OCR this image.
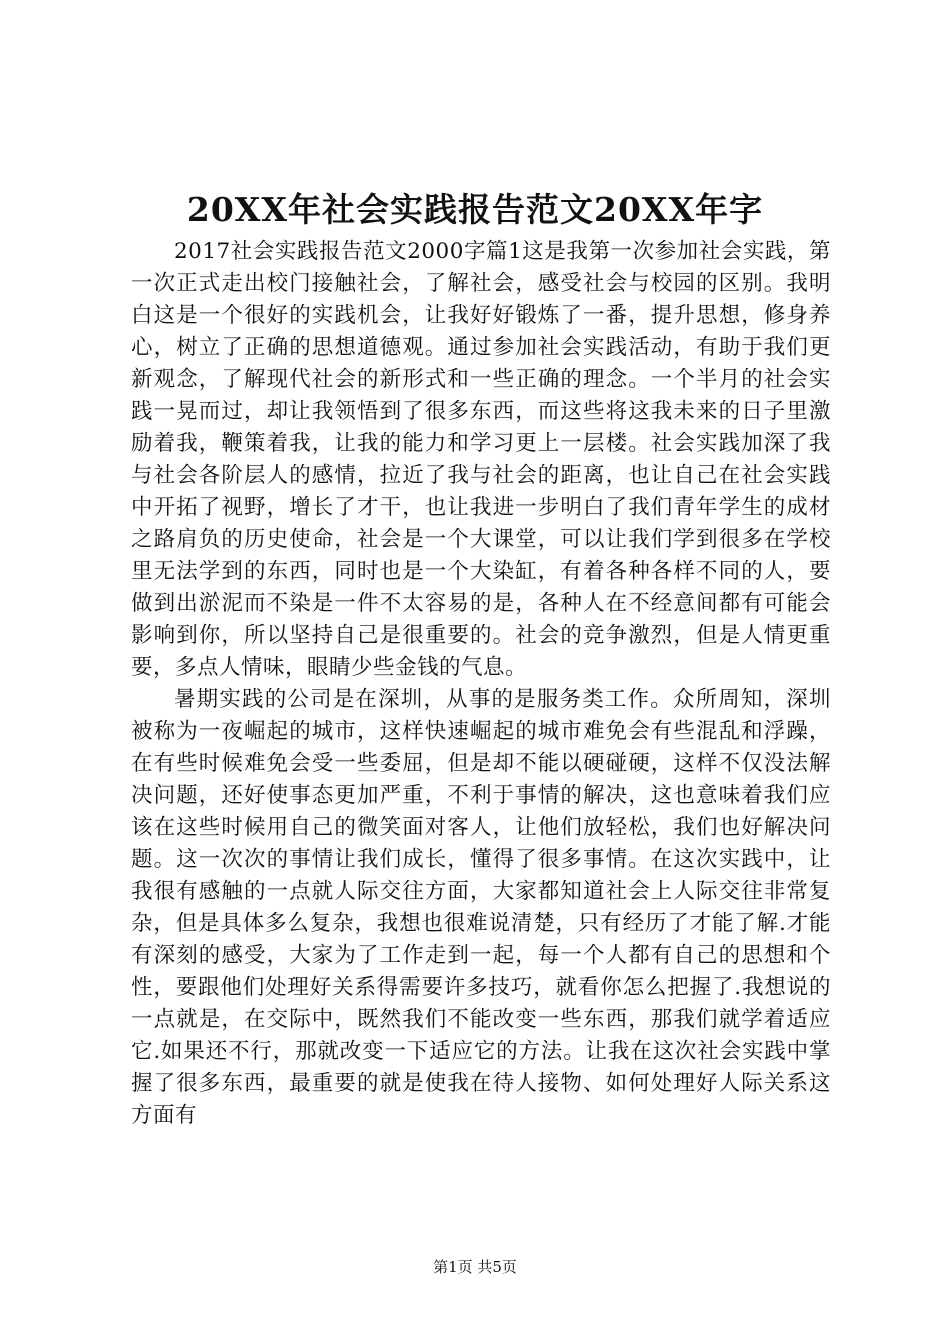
20XX年社会实践报告范文20XX年字

2017社会实践报告范文2000字篇1这是我第一次参加社会实践，第一次正式走出校门接触社会，了解社会，感受社会与校园的区别。我明白这是一个很好的实践机会，让我好好锻炼了一番，提升思想，修身养心，树立了正确的思想道德观。通过参加社会实践活动，有助于我们更新观念，了解现代社会的新形式和一些正确的理念。一个半月的社会实践一晃而过，却让我领悟到了很多东西，而这些将这我未来的日子里激励着我，鞭策着我，让我的能力和学习更上一层楼。社会实践加深了我与社会各阶层人的感情，拉近了我与社会的距离，也让自己在社会实践中开拓了视野，增长了才干，也让我进一步明白了我们青年学生的成材之路肩负的历史使命，社会是一个大课堂，可以让我们学到很多在学校里无法学到的东西，同时也是一个大染缸，有着各种各样不同的人，要做到出淤泥而不染是一件不太容易的是，各种人在不经意间都有可能会影响到你，所以坚持自己是很重要的。社会的竞争激烈，但是人情更重要，多点人情味，眼睛少些金钱的气息。

暑期实践的公司是在深圳，从事的是服务类工作。众所周知，深圳被称为一夜崛起的城市，这样快速崛起的城市难免会有些混乱和浮躁，在有些时候难免会受一些委屈，但是却不能以硬碰硬，这样不仅没法解决问题，还好使事态更加严重，不利于事情的解决，这也意味着我们应该在这些时候用自己的微笑面对客人，让他们放轻松，我们也好解决问题。这一次次的事情让我们成长，懂得了很多事情。在这次实践中，让我很有感触的一点就人际交往方面，大家都知道社会上人际交往非常复杂，但是具体多么复杂，我想也很难说清楚，只有经历了才能了解.才能有深刻的感受，大家为了工作走到一起，每一个人都有自己的思想和个性，要跟他们处理好关系得需要许多技巧，就看你怎么把握了.我想说的一点就是，在交际中，既然我们不能改变一些东西，那我们就学着适应它.如果还不行，那就改变一下适应它的方法。让我在这次社会实践中掌握了很多东西，最重要的就是使我在待人接物、如何处理好人际关系这方面有

第1页 共5页
